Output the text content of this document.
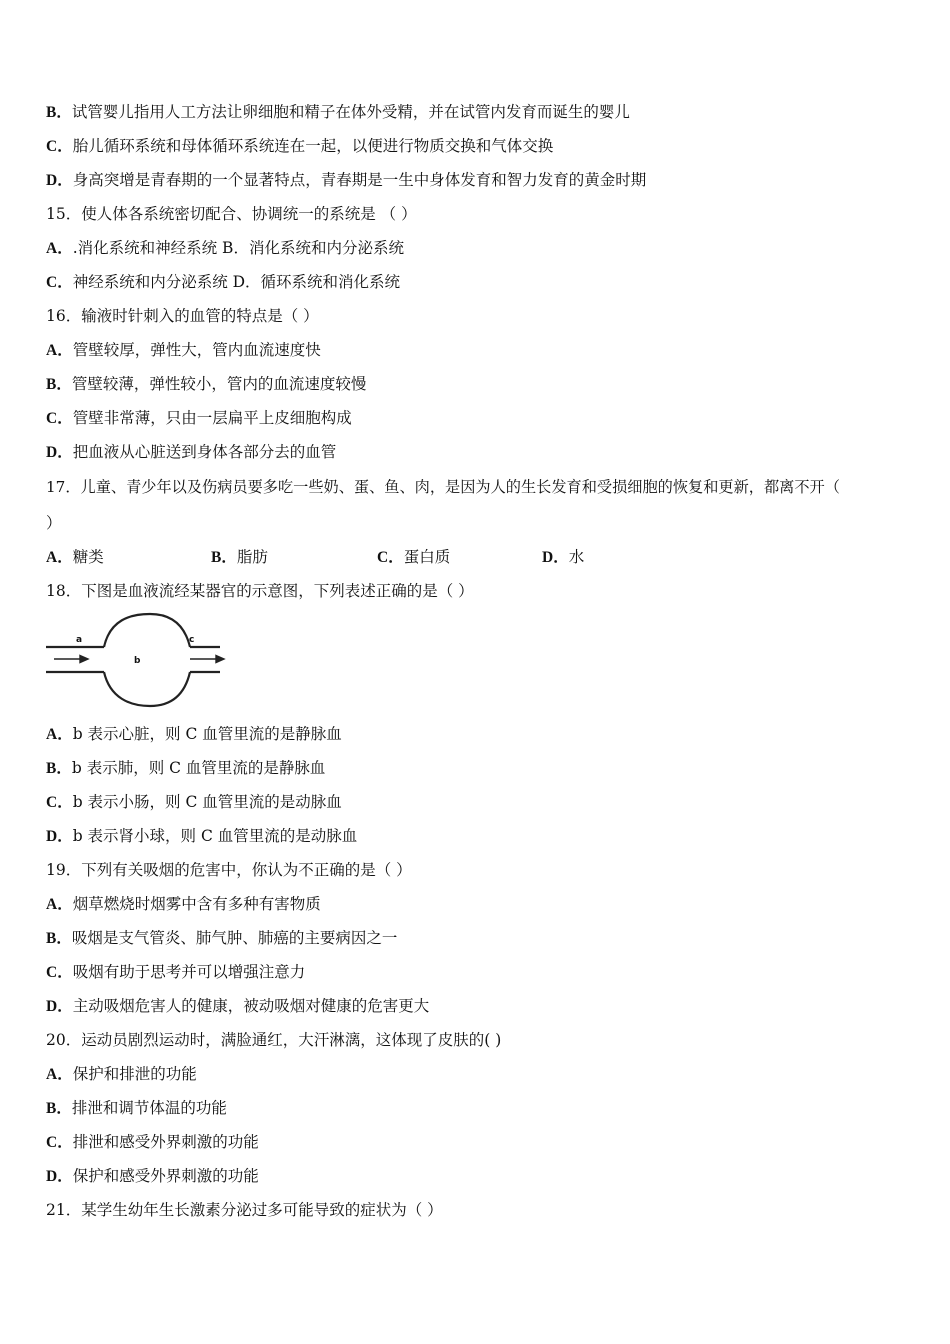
B．试管婴儿指用人工方法让卵细胞和精子在体外受精，并在试管内发育而诞生的婴儿
C．胎儿循环系统和母体循环系统连在一起，以便进行物质交换和气体交换
D．身高突增是青春期的一个显著特点，青春期是一生中身体发育和智力发育的黄金时期
15．使人体各系统密切配合、协调统一的系统是 （ ）
A．.消化系统和神经系统 B．消化系统和内分泌系统
C．神经系统和内分泌系统 D．循环系统和消化系统
16．输液时针刺入的血管的特点是（ ）
A．管壁较厚，弹性大，管内血流速度快
B．管壁较薄，弹性较小，管内的血流速度较慢
C．管壁非常薄，只由一层扁平上皮细胞构成
D．把血液从心脏送到身体各部分去的血管
17．儿童、青少年以及伤病员要多吃一些奶、蛋、鱼、肉，是因为人的生长发育和受损细胞的恢复和更新，都离不开（
）
A．糖类	B．脂肪	C．蛋白质	D．水
18．下图是血液流经某器官的示意图，下列表述正确的是（ ）
a
b
c
A．b 表示心脏，则 C 血管里流的是静脉血
B．b 表示肺，则 C 血管里流的是静脉血
C．b 表示小肠，则 C 血管里流的是动脉血
D．b 表示肾小球，则 C 血管里流的是动脉血
19．下列有关吸烟的危害中，你认为不正确的是（ ）
A．烟草燃烧时烟雾中含有多种有害物质
B．吸烟是支气管炎、肺气肿、肺癌的主要病因之一
C．吸烟有助于思考并可以增强注意力
D．主动吸烟危害人的健康，被动吸烟对健康的危害更大
20．运动员剧烈运动时，满脸通红，大汗淋漓，这体现了皮肤的( )
A．保护和排泄的功能
B．排泄和调节体温的功能
C．排泄和感受外界刺激的功能
D．保护和感受外界刺激的功能
21．某学生幼年生长激素分泌过多可能导致的症状为（ ）
